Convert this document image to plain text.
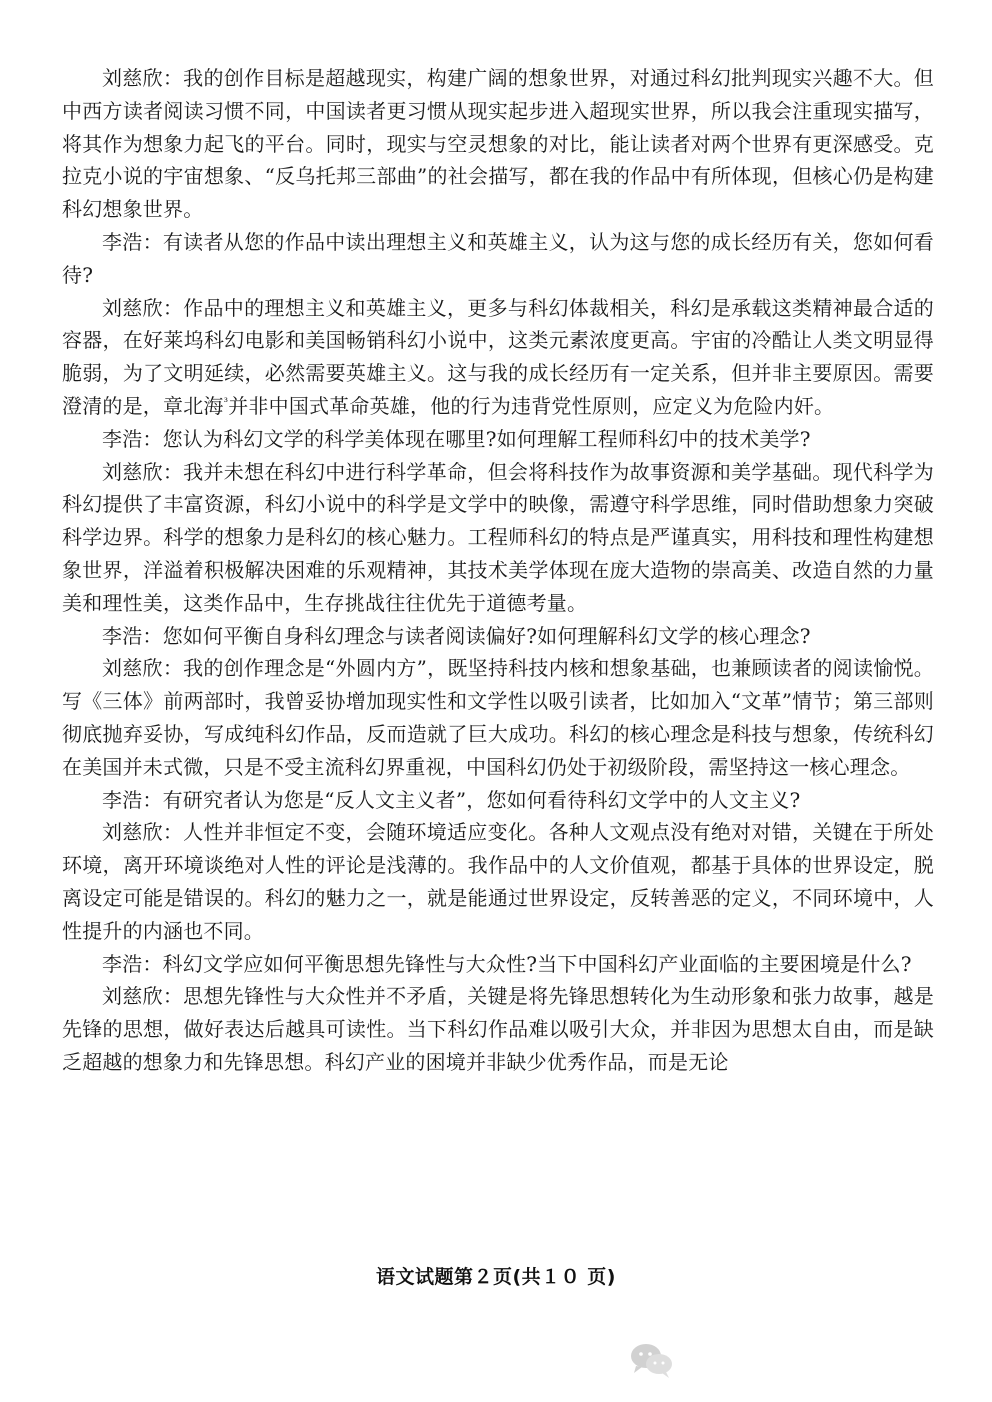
刘慈欣：我的创作目标是超越现实，构建广阔的想象世界，对通过科幻批判现实兴趣不大。但中西方读者阅读习惯不同，中国读者更习惯从现实起步进入超现实世界，所以我会注重现实描写，将其作为想象力起飞的平台。同时，现实与空灵想象的对比，能让读者对两个世界有更深感受。克拉克小说的宇宙想象、“反乌托邦三部曲”的社会描写，都在我的作品中有所体现，但核心仍是构建科幻想象世界。

李浩：有读者从您的作品中读出理想主义和英雄主义，认为这与您的成长经历有关，您如何看待?

刘慈欣：作品中的理想主义和英雄主义，更多与科幻体裁相关，科幻是承载这类精神最合适的容器，在好莱坞科幻电影和美国畅销科幻小说中，这类元素浓度更高。宇宙的冷酷让人类文明显得脆弱，为了文明延续，必然需要英雄主义。这与我的成长经历有一定关系，但并非主要原因。需要澄清的是，章北海$^{^3}$并非中国式革命英雄，他的行为违背党性原则，应定义为危险内奸。

李浩：您认为科幻文学的科学美体现在哪里?如何理解工程师科幻中的技术美学?

刘慈欣：我并未想在科幻中进行科学革命，但会将科技作为故事资源和美学基础。现代科学为科幻提供了丰富资源，科幻小说中的科学是文学中的映像，需遵守科学思维，同时借助想象力突破科学边界。科学的想象力是科幻的核心魅力。工程师科幻的特点是严谨真实，用科技和理性构建想象世界，洋溢着积极解决困难的乐观精神，其技术美学体现在庞大造物的崇高美、改造自然的力量美和理性美，这类作品中，生存挑战往往优先于道德考量。

李浩：您如何平衡自身科幻理念与读者阅读偏好?如何理解科幻文学的核心理念?

刘慈欣：我的创作理念是“外圆内方”，既坚持科技内核和想象基础，也兼顾读者的阅读愉悦。写《三体》前两部时，我曾妥协增加现实性和文学性以吸引读者，比如加入“文革”情节；第三部则彻底抛弃妥协，写成纯科幻作品，反而造就了巨大成功。科幻的核心理念是科技与想象，传统科幻在美国并未式微，只是不受主流科幻界重视，中国科幻仍处于初级阶段，需坚持这一核心理念。

李浩：有研究者认为您是“反人文主义者”，您如何看待科幻文学中的人文主义?

刘慈欣：人性并非恒定不变，会随环境适应变化。各种人文观点没有绝对对错，关键在于所处环境，离开环境谈绝对人性的评论是浅薄的。我作品中的人文价值观，都基于具体的世界设定，脱离设定可能是错误的。科幻的魅力之一，就是能通过世界设定，反转善恶的定义，不同环境中，人性提升的内涵也不同。

李浩：科幻文学应如何平衡思想先锋性与大众性?当下中国科幻产业面临的主要困境是什么?

刘慈欣：思想先锋性与大众性并不矛盾，关键是将先锋思想转化为生动形象和张力故事，越是先锋的思想，做好表达后越具可读性。当下科幻作品难以吸引大众，并非因为思想太自由，而是缺乏超越的想象力和先锋思想。科幻产业的困境并非缺少优秀作品，而是无论

语文试题第２页(共１０ 页)
